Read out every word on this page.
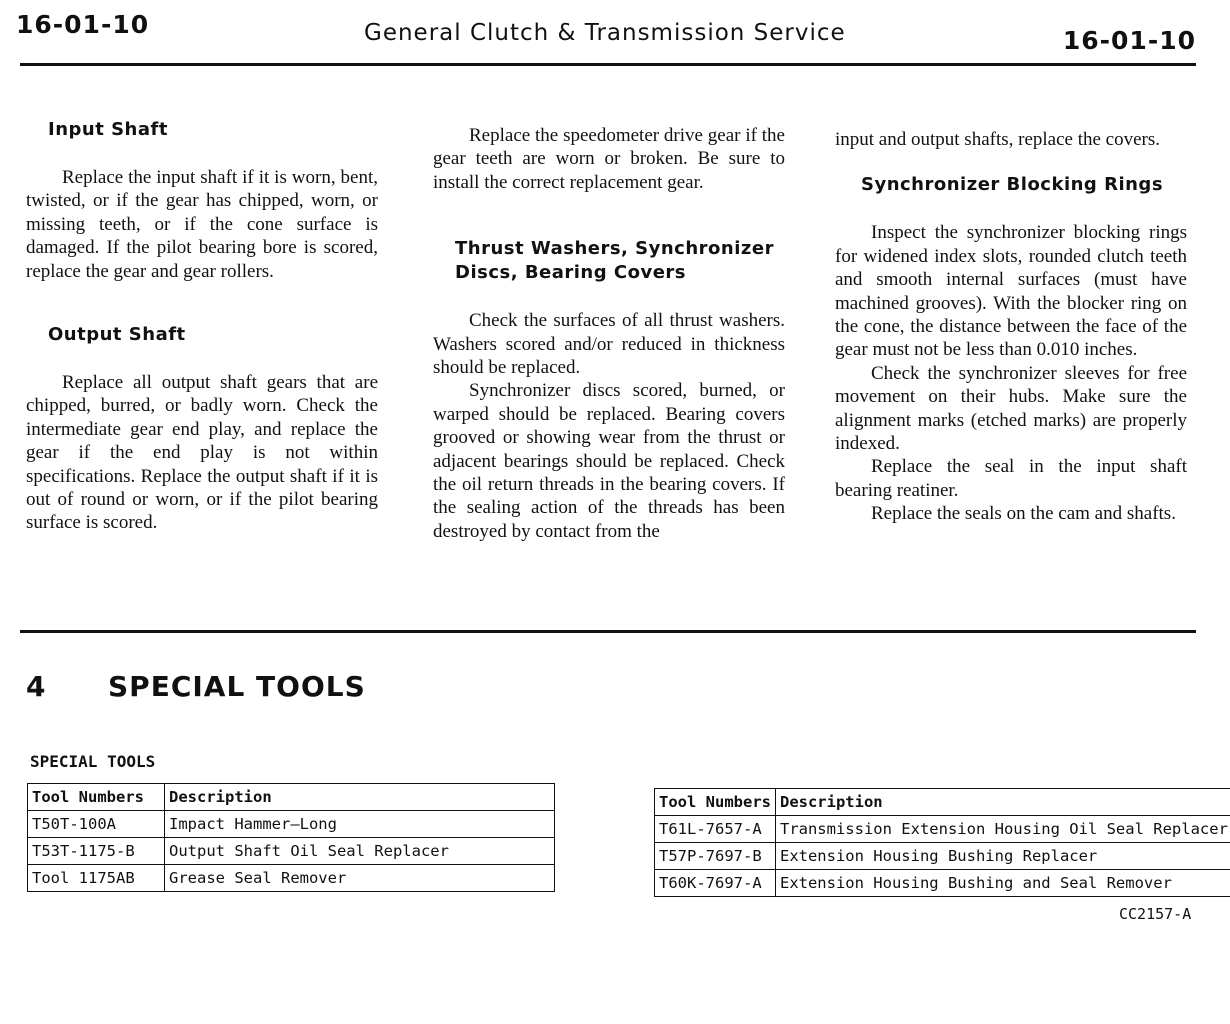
16-01-10	General Clutch & Transmission Service	16-01-10
Input Shaft

Replace the input shaft if it is worn, bent, twisted, or if the gear has chipped, worn, or missing teeth, or if the cone surface is damaged. If the pilot bearing bore is scored, replace the gear and gear rollers.

Output Shaft

Replace all output shaft gears that are chipped, burred, or badly worn. Check the intermediate gear end play, and replace the gear if the end play is not within specifications. Replace the output shaft if it is out of round or worn, or if the pilot bearing surface is scored.

Replace the speedometer drive gear if the gear teeth are worn or broken. Be sure to install the correct replacement gear.

Thrust Washers, Synchronizer
Discs, Bearing Covers

Check the surfaces of all thrust washers. Washers scored and/or reduced in thickness should be replaced.

Synchronizer discs scored, burned, or warped should be replaced. Bearing covers grooved or showing wear from the thrust or adjacent bearings should be replaced. Check the oil return threads in the bearing covers. If the sealing action of the threads has been destroyed by contact from the

input and output shafts, replace the covers.

Synchronizer Blocking Rings

Inspect the synchronizer blocking rings for widened index slots, rounded clutch teeth and smooth internal surfaces (must have machined grooves). With the blocker ring on the cone, the distance between the face of the gear must not be less than 0.010 inches.

Check the synchronizer sleeves for free movement on their hubs. Make sure the alignment marks (etched marks) are properly indexed.

Replace the seal in the input shaft bearing reatiner.

Replace the seals on the cam and shafts.

4 SPECIAL TOOLS
SPECIAL TOOLS
Tool Numbers	Description
T50T-100A	Impact Hammer—Long
T53T-1175-B	Output Shaft Oil Seal Replacer
Tool 1175AB	Grease Seal Remover
Tool Numbers	Description
T61L-7657-A	Transmission Extension Housing Oil Seal Replacer
T57P-7697-B	Extension Housing Bushing Replacer
T60K-7697-A	Extension Housing Bushing and Seal Remover
CC2157-A
